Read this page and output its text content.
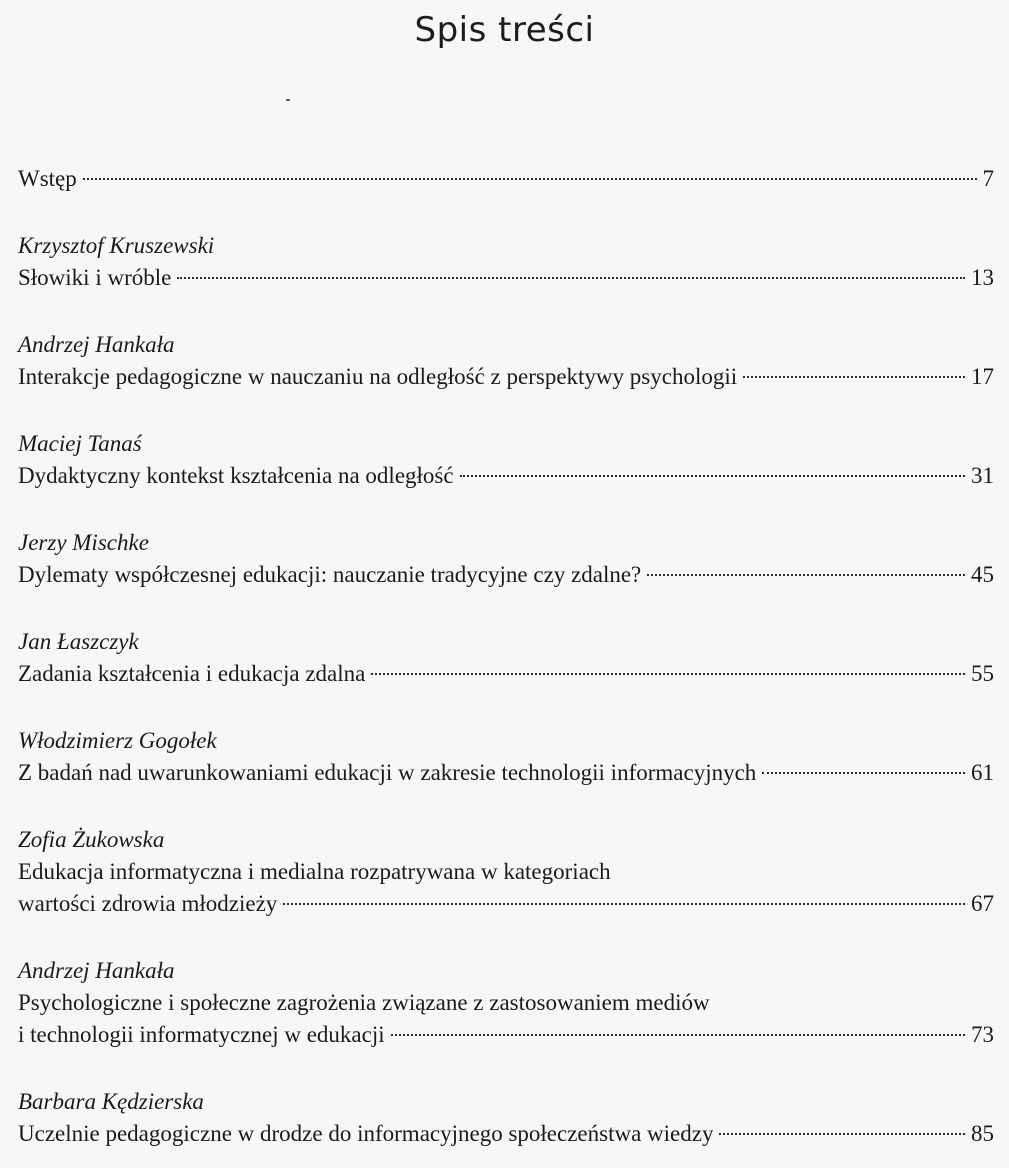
Spis treści
Wstęp	7
Krzysztof Kruszewski
Słowiki i wróble	13
Andrzej Hankała
Interakcje pedagogiczne w nauczaniu na odległość z perspektywy psychologii	17
Maciej Tanaś
Dydaktyczny kontekst kształcenia na odległość	31
Jerzy Mischke
Dylematy współczesnej edukacji: nauczanie tradycyjne czy zdalne?	45
Jan Łaszczyk
Zadania kształcenia i edukacja zdalna	55
Włodzimierz Gogołek
Z badań nad uwarunkowaniami edukacji w zakresie technologii informacyjnych	61
Zofia Żukowska
Edukacja informatyczna i medialna rozpatrywana w kategoriach
wartości zdrowia młodzieży	67
Andrzej Hankała
Psychologiczne i społeczne zagrożenia związane z zastosowaniem mediów
i technologii informatycznej w edukacji	73
Barbara Kędzierska
Uczelnie pedagogiczne w drodze do informacyjnego społeczeństwa wiedzy	85
